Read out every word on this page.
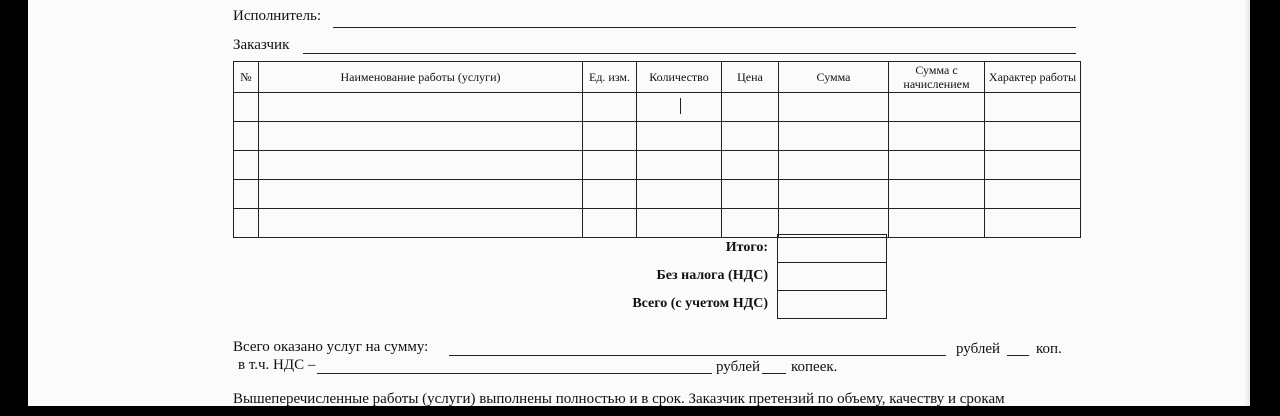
Исполнитель:
Заказчик
№	Наименование работы (услуги)	Ед. изм.	Количество	Цена	Сумма	Сумма с начислением	Характер работы

Итого:
Без налога (НДС)
Всего (с учетом НДС)

Всего оказано услуг на сумму:	рублей коп.
в т.ч. НДС –	рублей копеек.
Вышеперечисленные работы (услуги) выполнены полностью и в срок. Заказчик претензий по объему, качеству и срокам
